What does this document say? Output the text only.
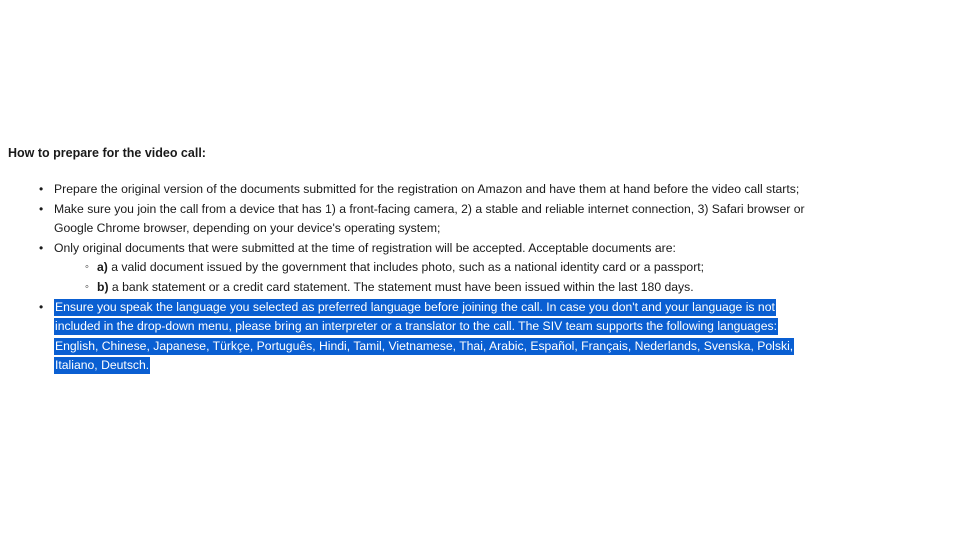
How to prepare for the video call:

• Prepare the original version of the documents submitted for the registration on Amazon and have them at hand before the video call starts;
• Make sure you join the call from a device that has 1) a front-facing camera, 2) a stable and reliable internet connection, 3) Safari browser or
Google Chrome browser, depending on your device's operating system;
• Only original documents that were submitted at the time of registration will be accepted. Acceptable documents are:
◦ a) a valid document issued by the government that includes photo, such as a national identity card or a passport;
◦ b) a bank statement or a credit card statement. The statement must have been issued within the last 180 days.
• Ensure you speak the language you selected as preferred language before joining the call. In case you don't and your language is not
included in the drop-down menu, please bring an interpreter or a translator to the call. The SIV team supports the following languages:
English, Chinese, Japanese, Türkçe, Português, Hindi, Tamil, Vietnamese, Thai, Arabic, Español, Français, Nederlands, Svenska, Polski,
Italiano, Deutsch.
